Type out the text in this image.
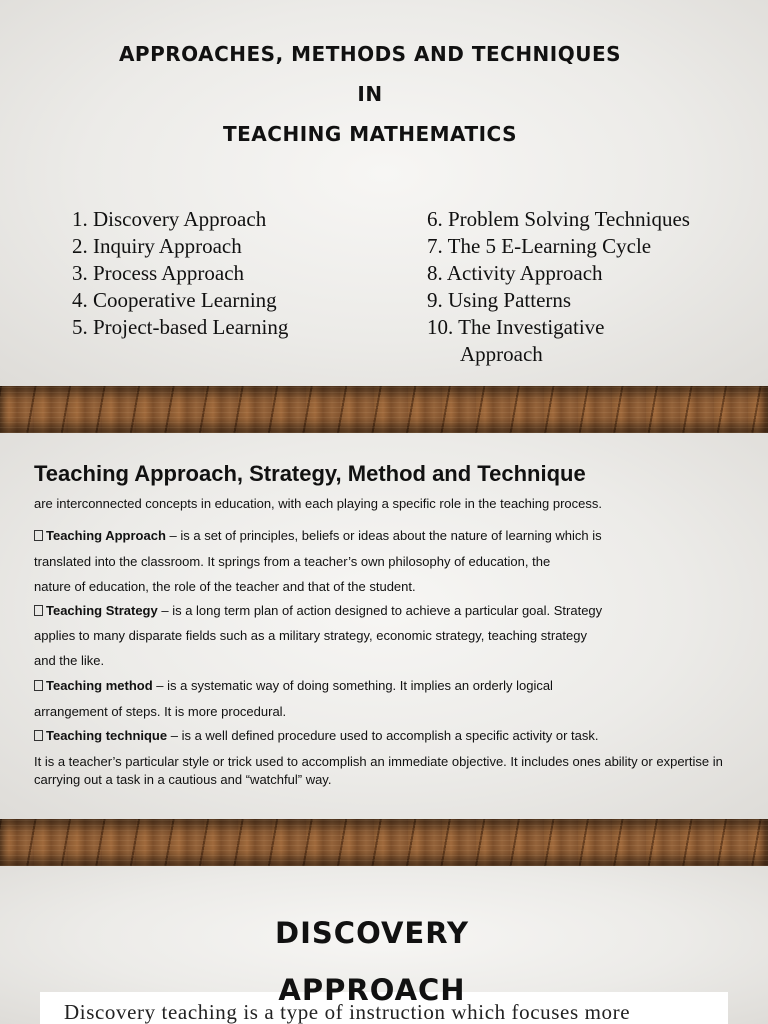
APPROACHES, METHODS AND TECHNIQUES
IN
TEACHING MATHEMATICS
1. Discovery Approach
2. Inquiry Approach
3. Process Approach
4. Cooperative Learning
5. Project-based Learning
6. Problem Solving Techniques
7. The 5 E-Learning Cycle
8. Activity Approach
9. Using Patterns
10. The Investigative
Approach
Teaching Approach, Strategy, Method and Technique
are interconnected concepts in education, with each playing a specific role in the teaching process.
Teaching Approach – is a set of principles, beliefs or ideas about the nature of learning which is
translated into the classroom. It springs from a teacher’s own philosophy of education, the
nature of education, the role of the teacher and that of the student.
Teaching Strategy – is a long term plan of action designed to achieve a particular goal. Strategy
applies to many disparate fields such as a military strategy, economic strategy, teaching strategy
and the like.
Teaching method – is a systematic way of doing something. It implies an orderly logical
arrangement of steps. It is more procedural.
Teaching technique – is a well defined procedure used to accomplish a specific activity or task.
It is a teacher’s particular style or trick used to accomplish an immediate objective. It includes ones ability or expertise in carrying out a task in a cautious and “watchful” way.
DISCOVERY
Discovery teaching is a type of instruction which focuses more
APPROACH
